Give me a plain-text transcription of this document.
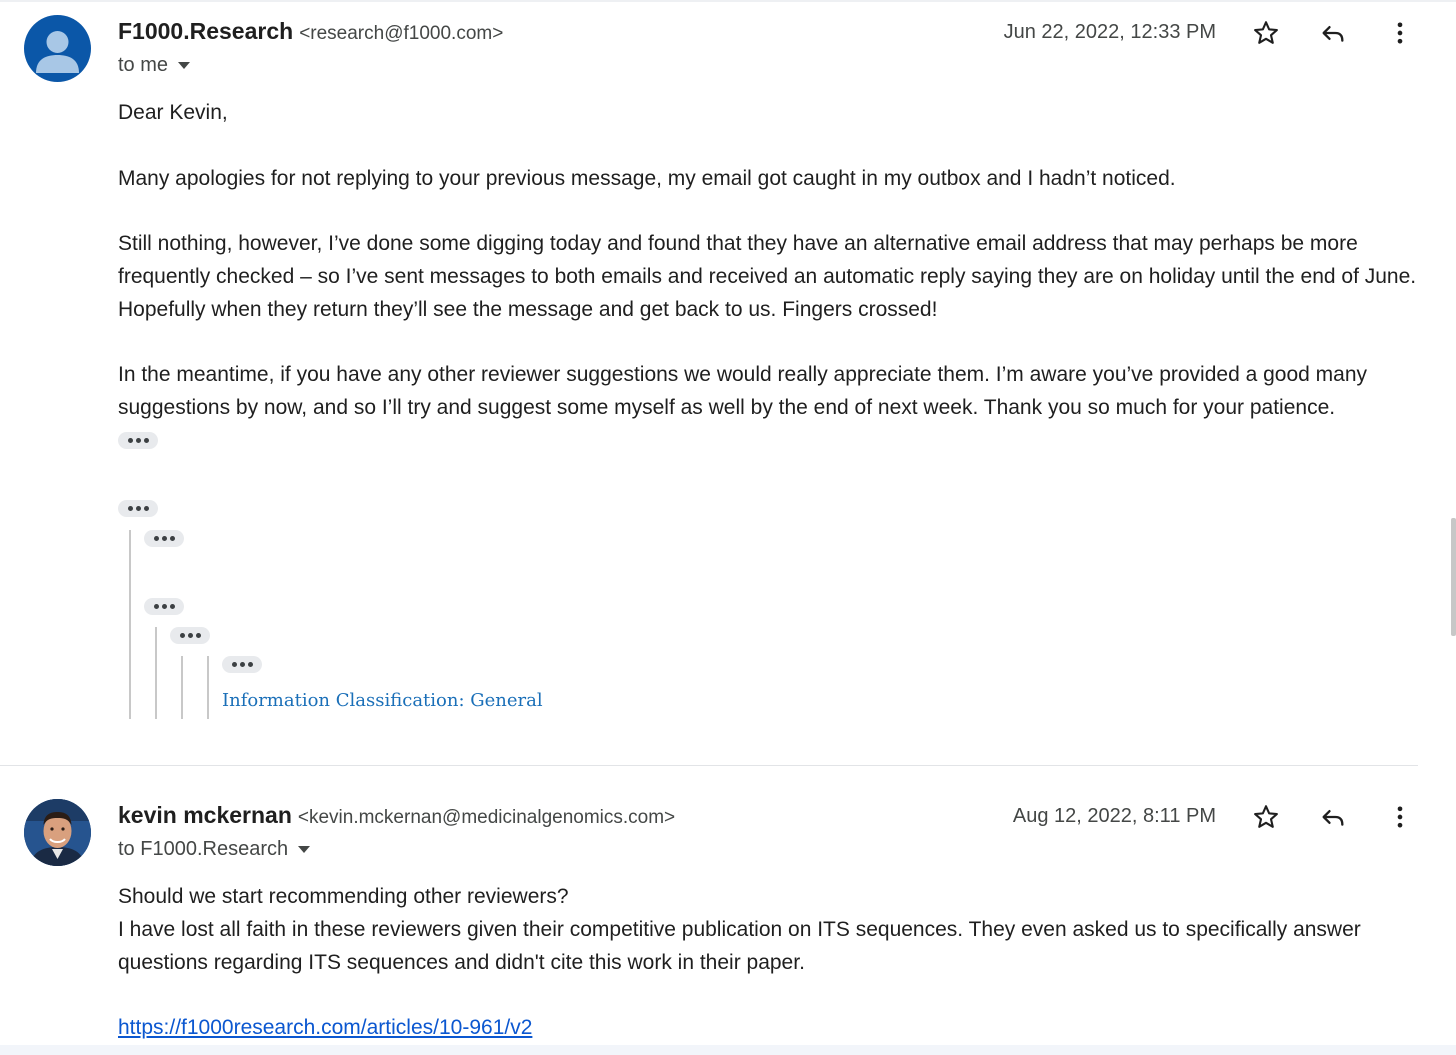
F1000.Research <research@f1000.com>
to me
Jun 22, 2022, 12:33 PM

Dear Kevin,

Many apologies for not replying to your previous message, my email got caught in my outbox and I hadn’t noticed.

Still nothing, however, I’ve done some digging today and found that they have an alternative email address that may perhaps be more frequently checked – so I’ve sent messages to both emails and received an automatic reply saying they are on holiday until the end of June. Hopefully when they return they’ll see the message and get back to us. Fingers crossed!

In the meantime, if you have any other reviewer suggestions we would really appreciate them. I’m aware you’ve provided a good many suggestions by now, and so I’ll try and suggest some myself as well by the end of next week. Thank you so much for your patience.

Information Classification: General
kevin mckernan <kevin.mckernan@medicinalgenomics.com>
to F1000.Research
Aug 12, 2022, 8:11 PM

Should we start recommending other reviewers?

I have lost all faith in these reviewers given their competitive publication on ITS sequences. They even asked us to specifically answer questions regarding ITS sequences and didn't cite this work in their paper.

https://f1000research.com/articles/10-961/v2
